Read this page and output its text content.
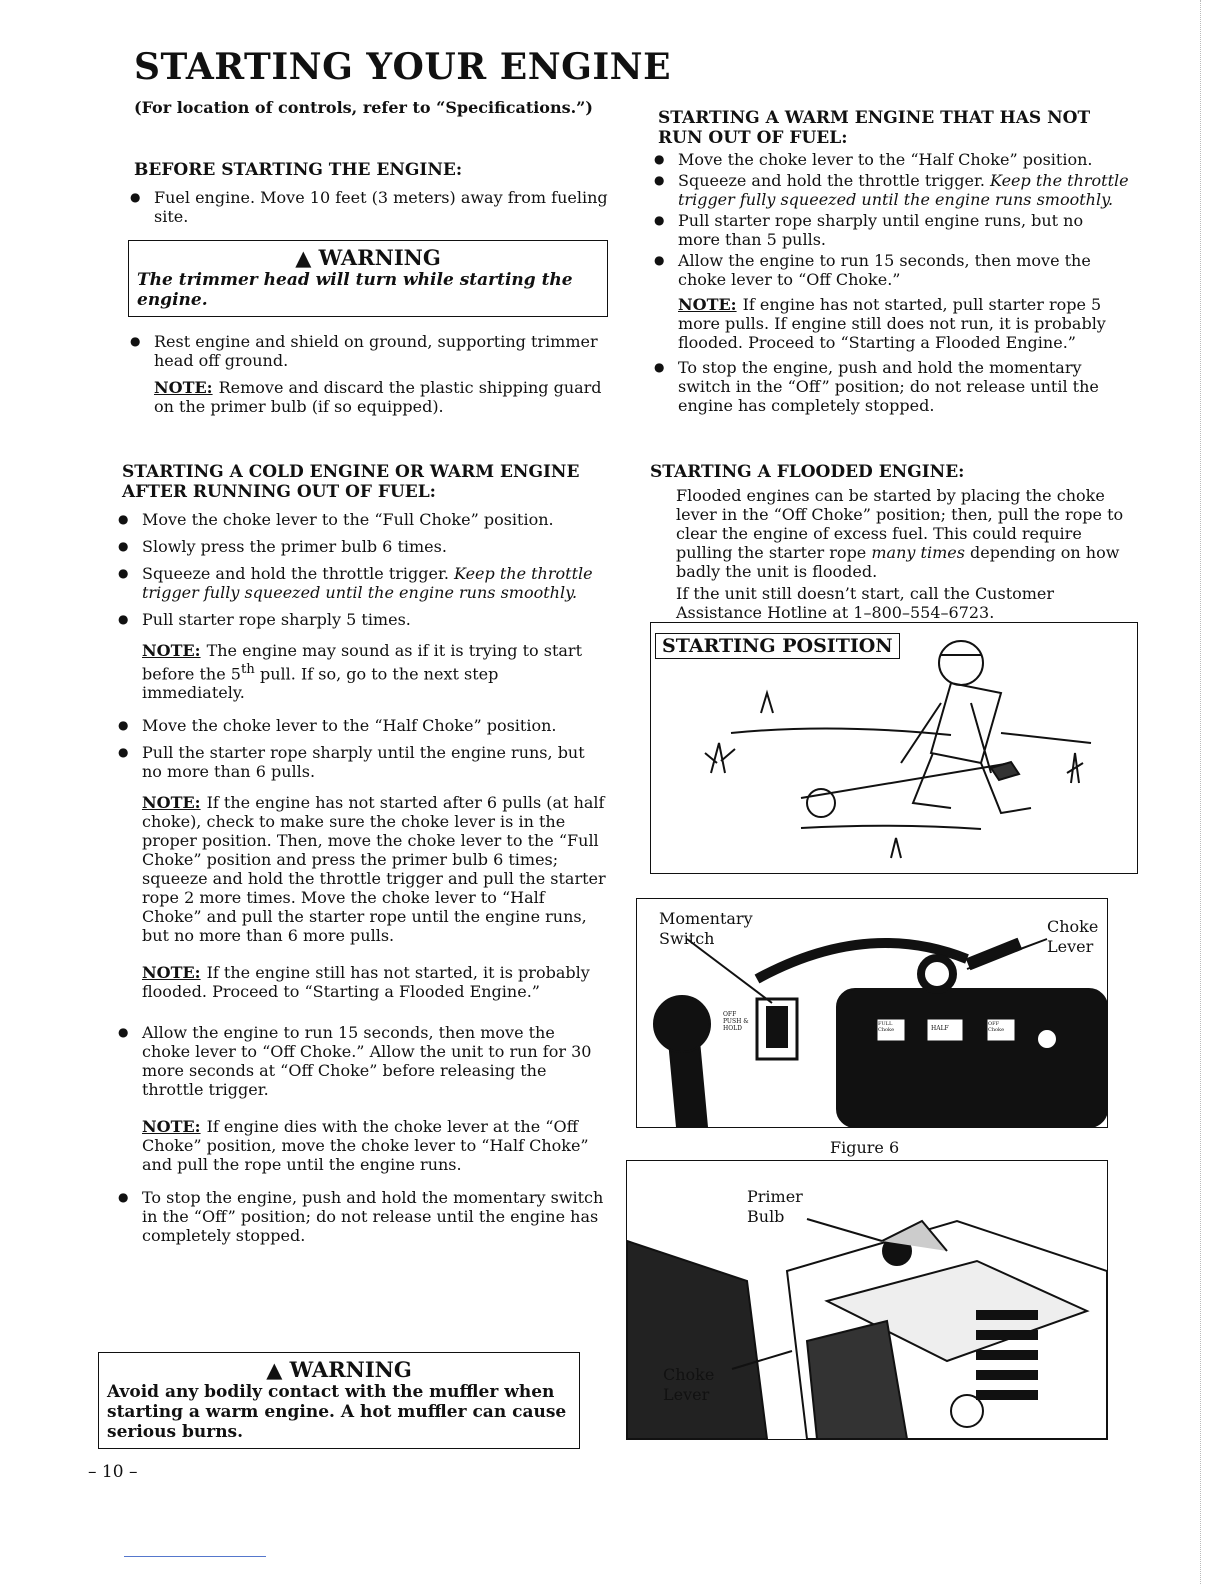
STARTING YOUR ENGINE
(For location of controls, refer to “Specifications.”)
BEFORE STARTING THE ENGINE:
● Fuel engine. Move 10 feet (3 meters) away from fueling site.
▲ WARNING
The trimmer head will turn while starting the engine.
● Rest engine and shield on ground, supporting trimmer head off ground.
NOTE: Remove and discard the plastic shipping guard on the primer bulb (if so equipped).
STARTING A COLD ENGINE OR WARM ENGINE AFTER RUNNING OUT OF FUEL:
● Move the choke lever to the “Full Choke” position.
● Slowly press the primer bulb 6 times.
● Squeeze and hold the throttle trigger. Keep the throttle trigger fully squeezed until the engine runs smoothly.
● Pull starter rope sharply 5 times.
NOTE: The engine may sound as if it is trying to start before the 5th pull. If so, go to the next step immediately.
● Move the choke lever to the “Half Choke” position.
● Pull the starter rope sharply until the engine runs, but no more than 6 pulls.
NOTE: If the engine has not started after 6 pulls (at half choke), check to make sure the choke lever is in the proper position. Then, move the choke lever to the “Full Choke” position and press the primer bulb 6 times; squeeze and hold the throttle trigger and pull the starter rope 2 more times. Move the choke lever to “Half Choke” and pull the starter rope until the engine runs, but no more than 6 more pulls.
NOTE: If the engine still has not started, it is probably flooded. Proceed to “Starting a Flooded Engine.”
● Allow the engine to run 15 seconds, then move the choke lever to “Off Choke.” Allow the unit to run for 30 more seconds at “Off Choke” before releasing the throttle trigger.
NOTE: If engine dies with the choke lever at the “Off Choke” position, move the choke lever to “Half Choke” and pull the rope until the engine runs.
● To stop the engine, push and hold the momentary switch in the “Off” position; do not release until the engine has completely stopped.
▲ WARNING
Avoid any bodily contact with the muffler when starting a warm engine. A hot muffler can cause serious burns.
– 10 –
STARTING A WARM ENGINE THAT HAS NOT RUN OUT OF FUEL:
● Move the choke lever to the “Half Choke” position.
● Squeeze and hold the throttle trigger. Keep the throttle trigger fully squeezed until the engine runs smoothly.
● Pull starter rope sharply until engine runs, but no more than 5 pulls.
● Allow the engine to run 15 seconds, then move the choke lever to “Off Choke.”
NOTE: If engine has not started, pull starter rope 5 more pulls. If engine still does not run, it is probably flooded. Proceed to “Starting a Flooded Engine.”
● To stop the engine, push and hold the momentary switch in the “Off” position; do not release until the engine has completely stopped.
STARTING A FLOODED ENGINE:
Flooded engines can be started by placing the choke lever in the “Off Choke” position; then, pull the rope to clear the engine of excess fuel. This could require pulling the starter rope many times depending on how badly the unit is flooded.
If the unit still doesn’t start, call the Customer Assistance Hotline at 1–800–554–6723.
STARTING POSITION
Momentary
Switch
Choke
Lever
OFF
PUSH & HOLD
FULL Choke	HALF
OFF Choke
Figure 6
Primer
Bulb
Choke
Lever
